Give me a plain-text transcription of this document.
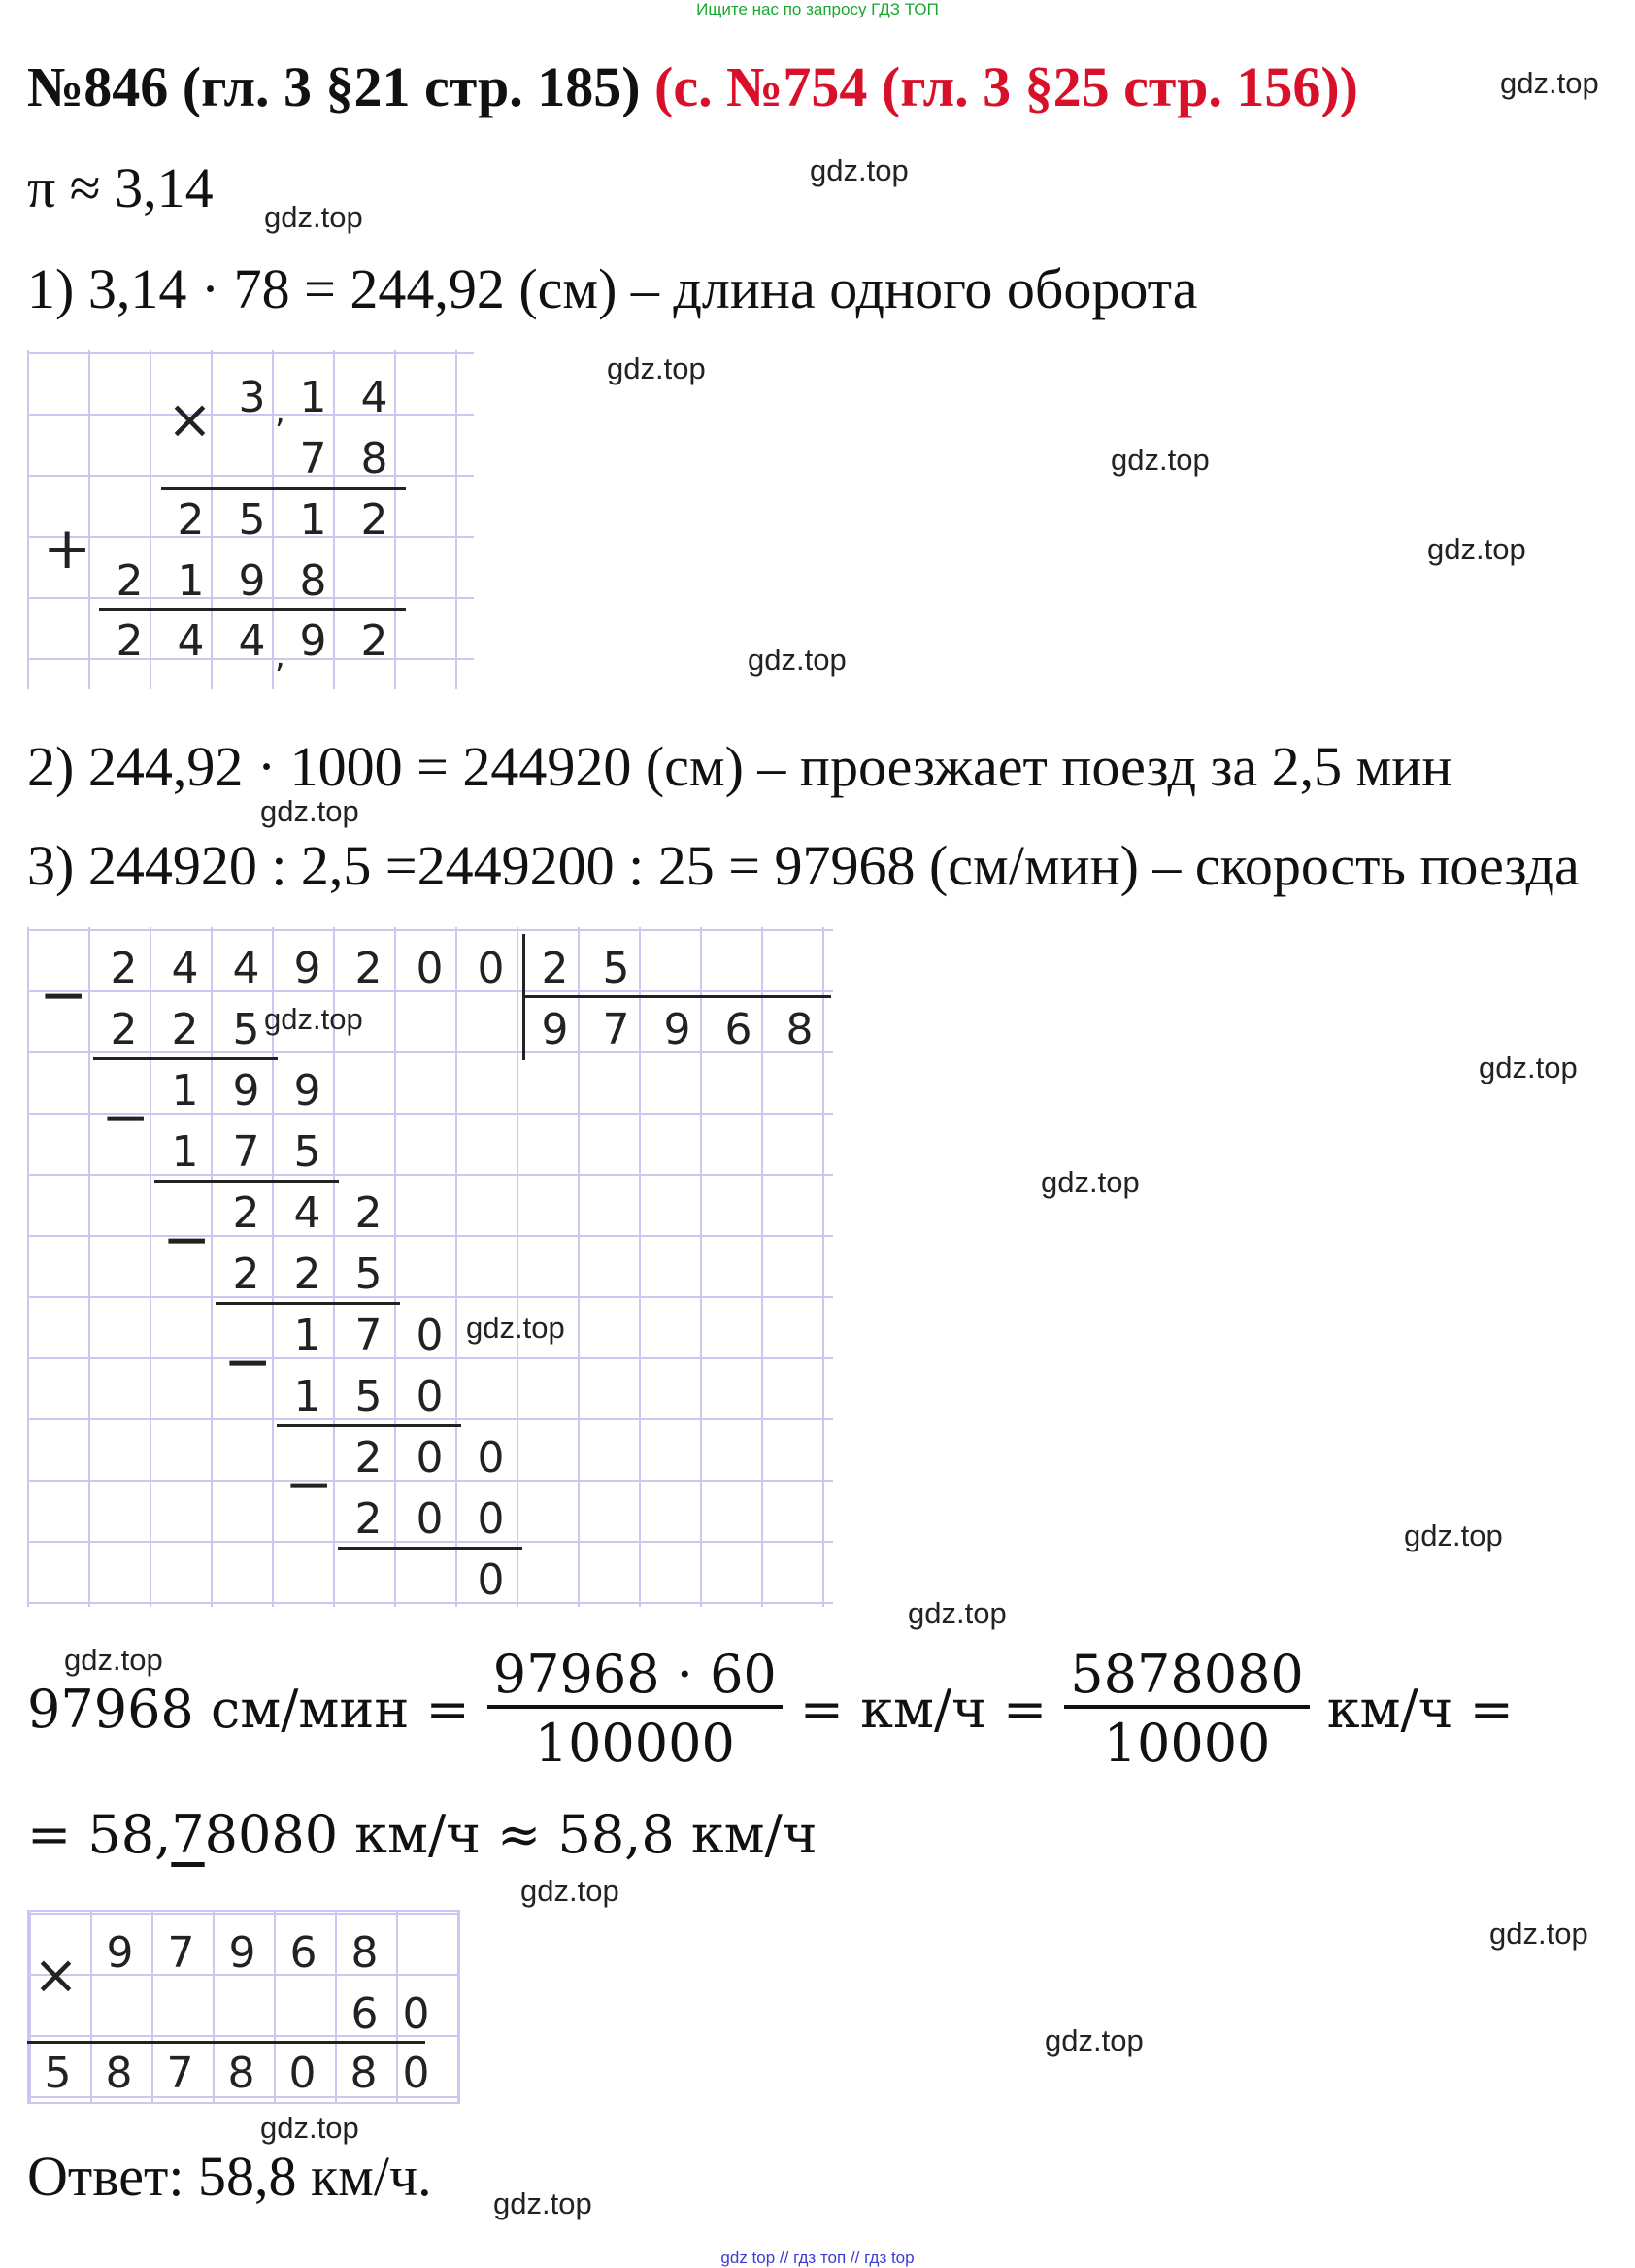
Ищите нас по запросу ГДЗ ТОП
№846 (гл. 3 §21 стр. 185) (с. №754 (гл. 3 §25 стр. 156))
π ≈ 3,14
1) 3,14 · 78 = 244,92 (см) – длина одного оборота
×
+
3 1 4
,
7 8
2 5 1 2
2 1 9 8
2 4 4 9 2
,
2) 244,92 · 1000 = 244920 (см) – проезжает поезд за 2,5 мин
3) 244920 : 2,5 =2449200 : 25 = 97968 (см/мин) – скорость поезда
2 4 4 9 2 0 0 2 5
9 7 9 6 8
−
2 2 5
1 9 9
−
1 7 5
2 4 2
−
2 2 5
1 7 0
−
1 5 0
2 0 0
−
2 0 0
0
97968 $см/мин = \frac{97968 \cdot 60}{100000} = км/ч = \frac{5878080}{10000} км/ч$ =
= 58,78080 км/ч ≈ 58,8 км/ч
× 9 7 9 6 8
6 0
5 8 7 8 0 8 0
Ответ: 58,8 км/ч.
gdz.top
gdz.top
gdz.top
gdz.top
gdz.top
gdz.top
gdz.top
gdz.top
gdz.top
gdz.top
gdz.top
gdz.top
gdz.top
gdz.top
gdz.top
gdz.top
gdz.top
gdz.top
gdz.top
gdz.top
gdz top // гдз топ // гдз top
